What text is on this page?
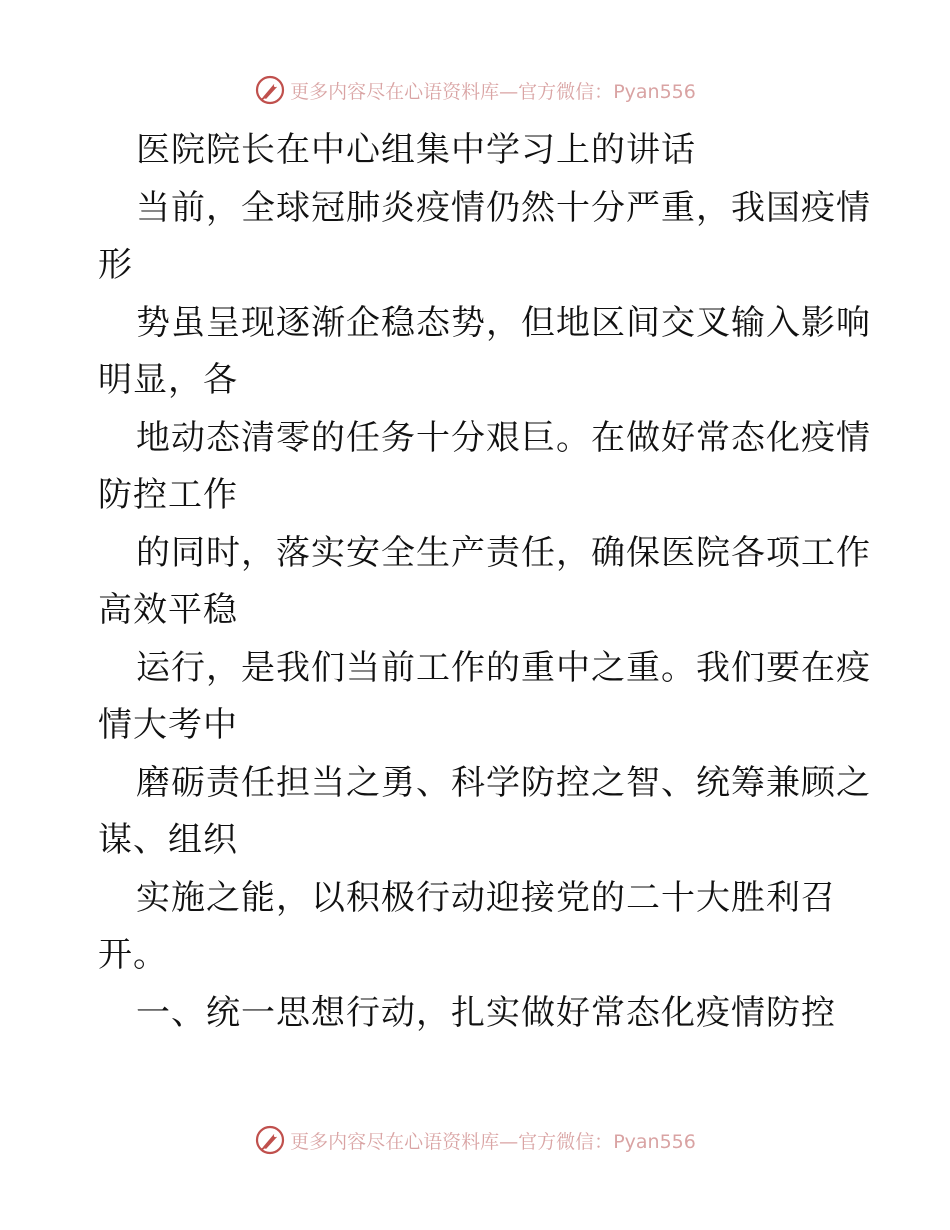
更多内容尽在心语资料库—官方微信：Pyan556
医院院长在中心组集中学习上的讲话
当前，全球冠肺炎疫情仍然十分严重，我国疫情
形
势虽呈现逐渐企稳态势，但地区间交叉输入影响
明显，各
地动态清零的任务十分艰巨。在做好常态化疫情
防控工作
的同时，落实安全生产责任，确保医院各项工作
高效平稳
运行，是我们当前工作的重中之重。我们要在疫
情大考中
磨砺责任担当之勇、科学防控之智、统筹兼顾之
谋、组织
实施之能，以积极行动迎接党的二十大胜利召
开。
一、统一思想行动，扎实做好常态化疫情防控
更多内容尽在心语资料库—官方微信：Pyan556
